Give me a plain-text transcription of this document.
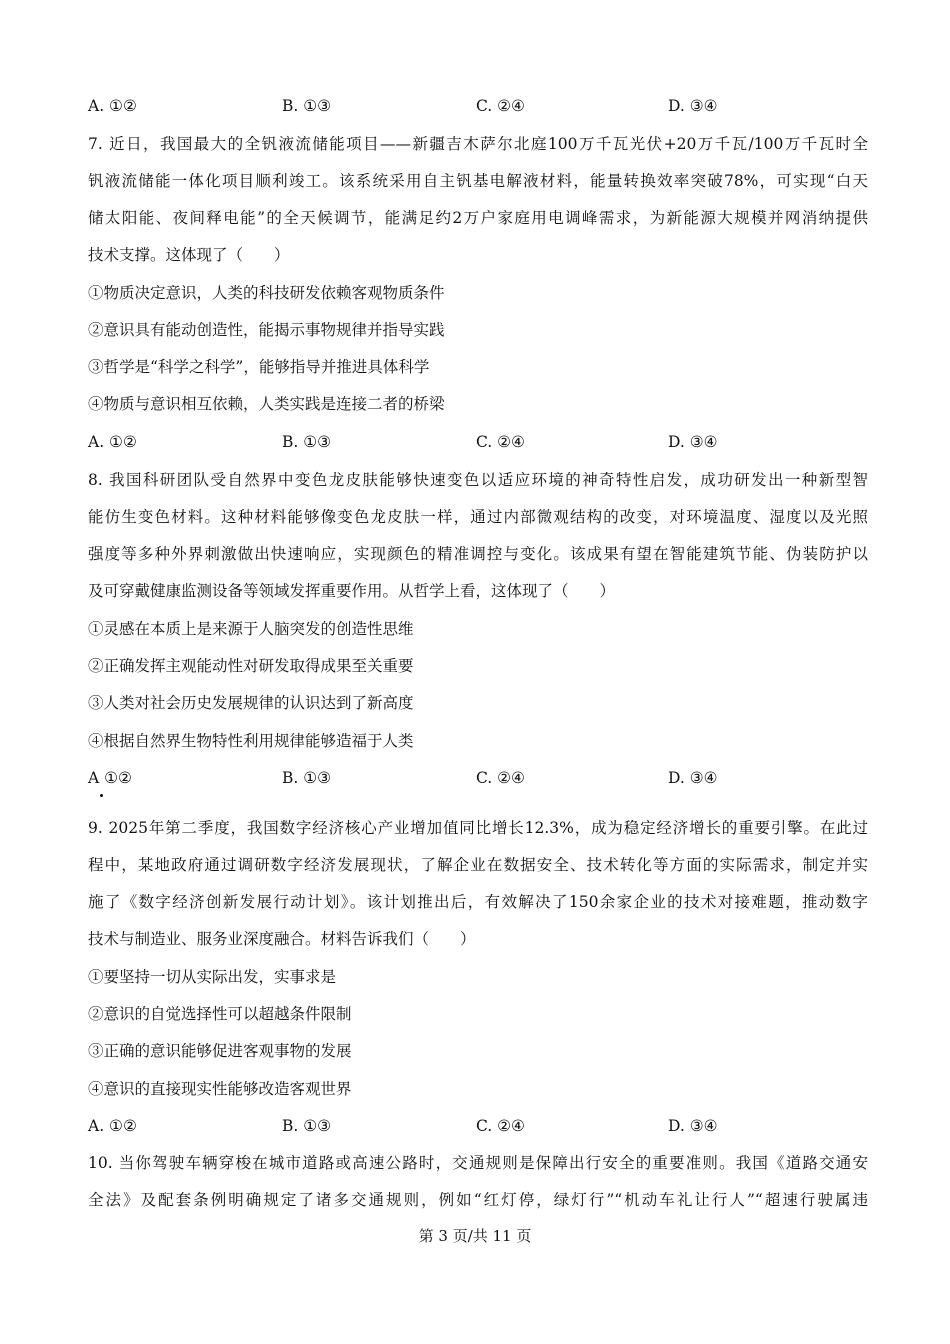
A. ①②	B. ①③	C. ②④	D. ③④
7. 近日，我国最大的全钒液流储能项目——新疆吉木萨尔北庭100万千瓦光伏+20万千瓦/100万千瓦时全
钒液流储能一体化项目顺利竣工。该系统采用自主钒基电解液材料，能量转换效率突破78%，可实现“白天
储太阳能、夜间释电能”的全天候调节，能满足约2万户家庭用电调峰需求，为新能源大规模并网消纳提供
技术支撑。这体现了（　　）
①物质决定意识，人类的科技研发依赖客观物质条件
②意识具有能动创造性，能揭示事物规律并指导实践
③哲学是“科学之科学”，能够指导并推进具体科学
④物质与意识相互依赖，人类实践是连接二者的桥梁
A. ①②	B. ①③	C. ②④	D. ③④
8. 我国科研团队受自然界中变色龙皮肤能够快速变色以适应环境的神奇特性启发，成功研发出一种新型智
能仿生变色材料。这种材料能够像变色龙皮肤一样，通过内部微观结构的改变，对环境温度、湿度以及光照
强度等多种外界刺激做出快速响应，实现颜色的精准调控与变化。该成果有望在智能建筑节能、伪装防护以
及可穿戴健康监测设备等领域发挥重要作用。从哲学上看，这体现了（　　）
①灵感在本质上是来源于人脑突发的创造性思维
②正确发挥主观能动性对研发取得成果至关重要
③人类对社会历史发展规律的认识达到了新高度
④根据自然界生物特性利用规律能够造福于人类
A ①②	B. ①③	C. ②④	D. ③④
9. 2025年第二季度，我国数字经济核心产业增加值同比增长12.3%，成为稳定经济增长的重要引擎。在此过
程中，某地政府通过调研数字经济发展现状，了解企业在数据安全、技术转化等方面的实际需求，制定并实
施了《数字经济创新发展行动计划》。该计划推出后，有效解决了150余家企业的技术对接难题，推动数字
技术与制造业、服务业深度融合。材料告诉我们（　　）
①要坚持一切从实际出发，实事求是
②意识的自觉选择性可以超越条件限制
③正确的意识能够促进客观事物的发展
④意识的直接现实性能够改造客观世界
A. ①②	B. ①③	C. ②④	D. ③④
10. 当你驾驶车辆穿梭在城市道路或高速公路时，交通规则是保障出行安全的重要准则。我国《道路交通安
全法》及配套条例明确规定了诸多交通规则，例如“红灯停，绿灯行”“机动车礼让行人”“超速行驶属违
第 3 页/共 11 页
